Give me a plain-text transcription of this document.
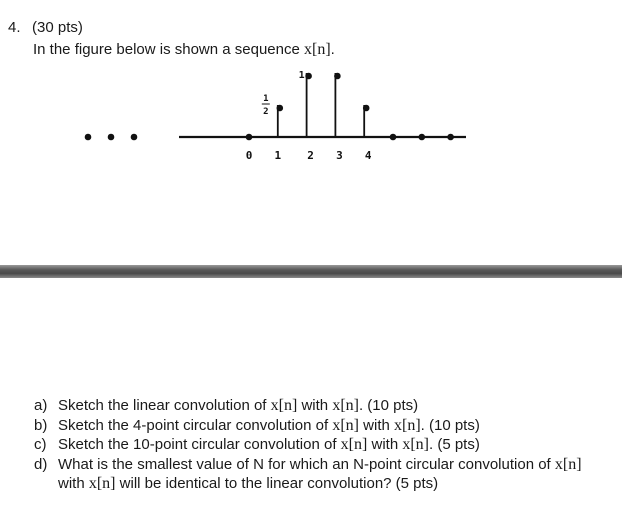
4. (30 pts)
In the figure below is shown a sequence x[n].
0 1 2 3 4
1
1
2
a) Sketch the linear convolution of x[n] with x[n]. (10 pts)
b) Sketch the 4-point circular convolution of x[n] with x[n]. (10 pts)
c) Sketch the 10-point circular convolution of x[n] with x[n]. (5 pts)
d) What is the smallest value of N for which an N-point circular convolution of x[n]
with x[n] will be identical to the linear convolution? (5 pts)
